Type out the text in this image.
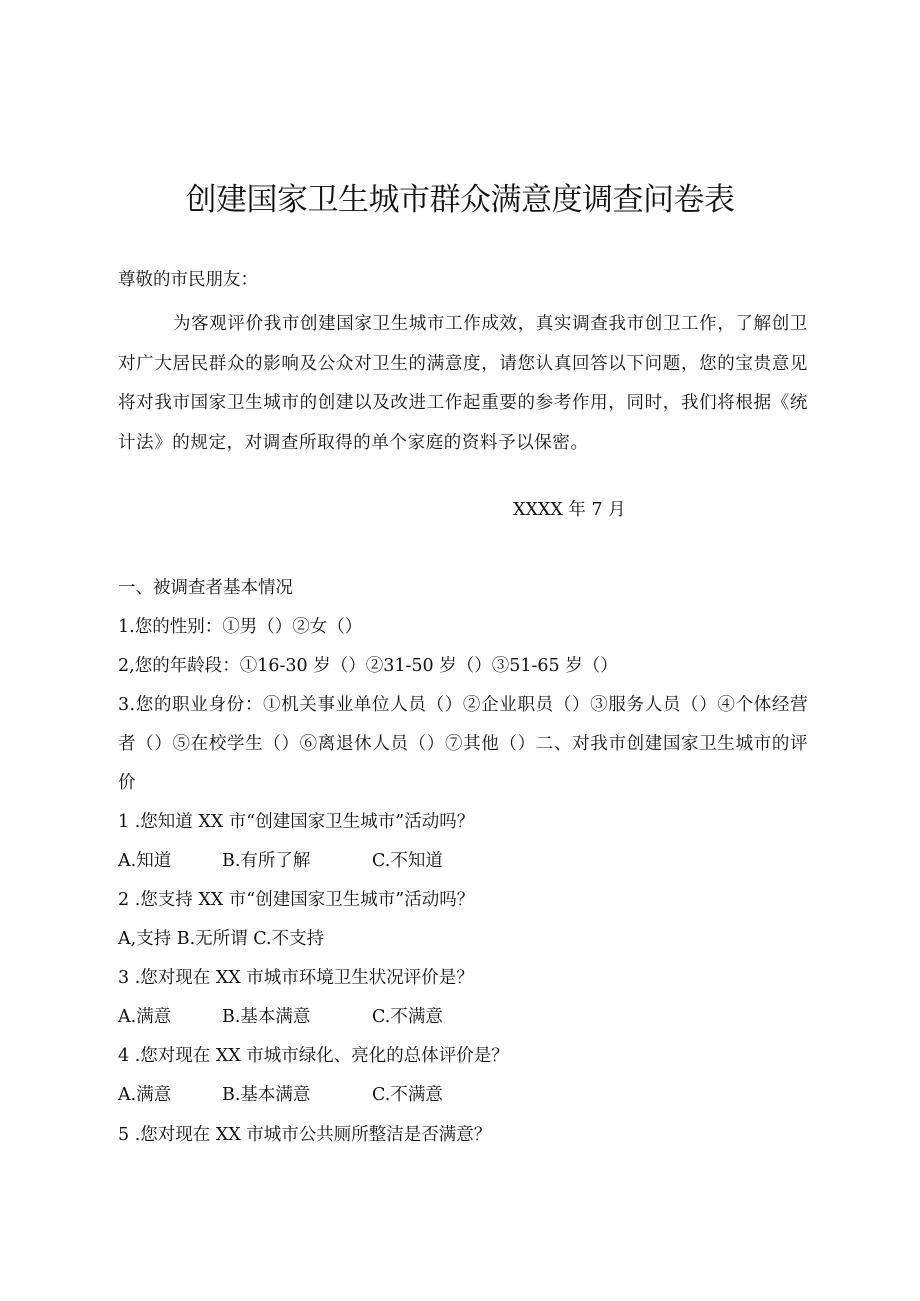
创建国家卫生城市群众满意度调查问卷表
尊敬的市民朋友：
为客观评价我市创建国家卫生城市工作成效，真实调查我市创卫工作，了解创卫对广大居民群众的影响及公众对卫生的满意度，请您认真回答以下问题，您的宝贵意见将对我市国家卫生城市的创建以及改进工作起重要的参考作用，同时，我们将根据《统计法》的规定，对调查所取得的单个家庭的资料予以保密。
XXXX 年 7 月
一、被调查者基本情况
1.您的性别：①男（）②女（）
2,您的年龄段：①16-30 岁（）②31-50 岁（）③51-65 岁（）
3.您的职业身份：①机关事业单位人员（）②企业职员（）③服务人员（）④个体经营者（）⑤在校学生（）⑥离退休人员（）⑦其他（）二、对我市创建国家卫生城市的评价
1 .您知道 XX 市“创建国家卫生城市”活动吗？
A.知道	B.有所了解	C.不知道
2 .您支持 XX 市“创建国家卫生城市”活动吗？
A,支持 B.无所谓 C.不支持
3 .您对现在 XX 市城市环境卫生状况评价是？
A.满意	B.基本满意	C.不满意
4 .您对现在 XX 市城市绿化、亮化的总体评价是？
A.满意	B.基本满意	C.不满意
5 .您对现在 XX 市城市公共厕所整洁是否满意？
